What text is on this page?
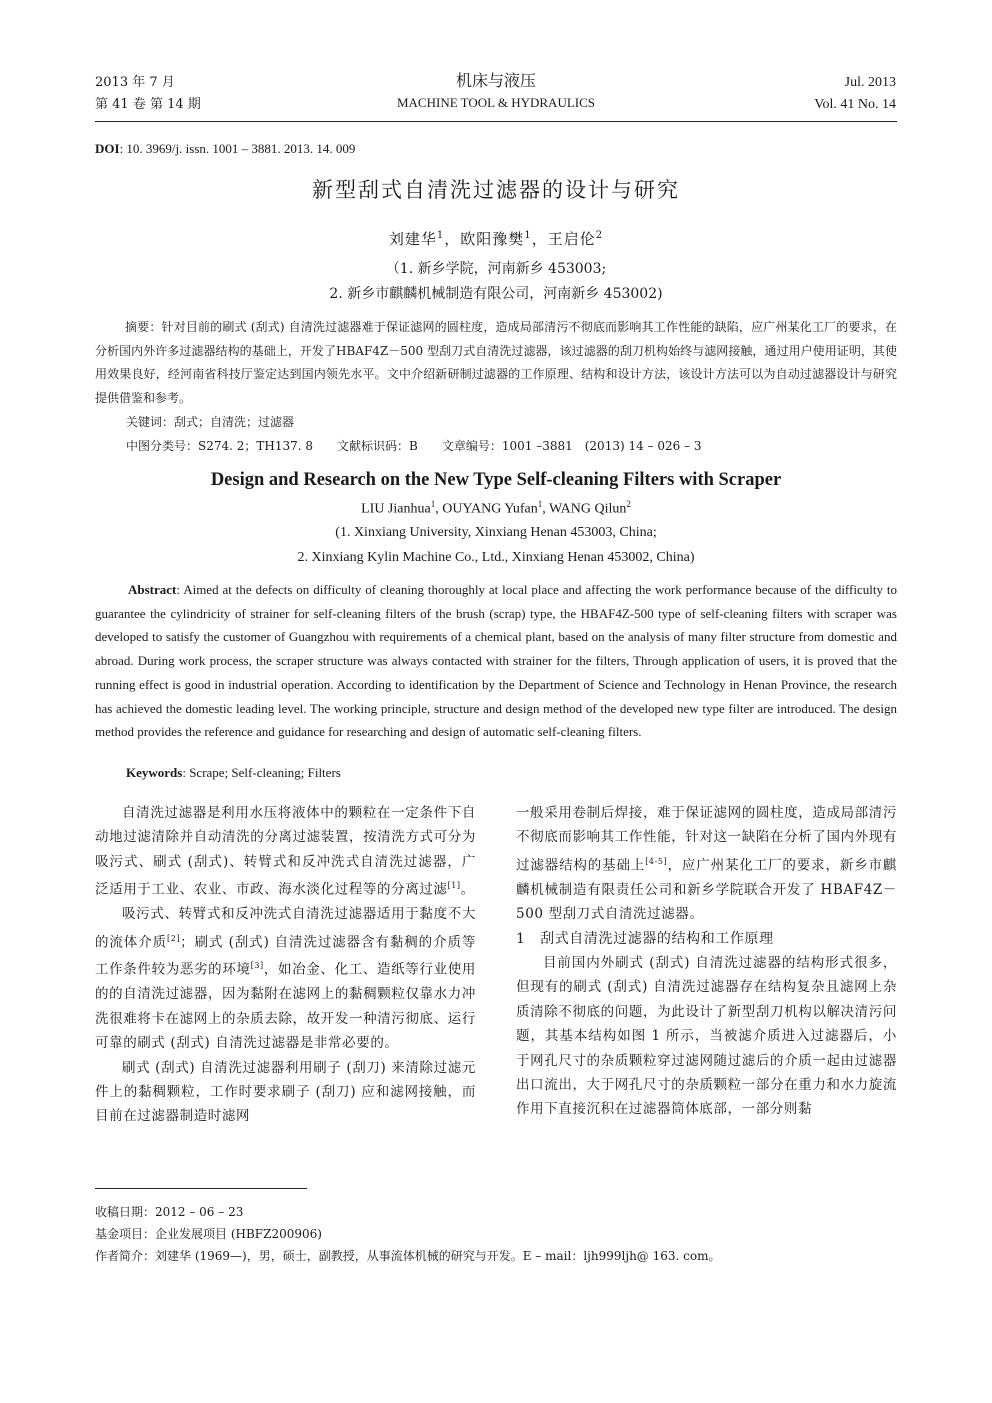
2013 年 7 月
第 41 卷 第 14 期
机床与液压
MACHINE TOOL & HYDRAULICS
Jul. 2013
Vol. 41 No. 14
DOI: 10. 3969/j. issn. 1001 – 3881. 2013. 14. 009
新型刮式自清洗过滤器的设计与研究
刘建华$^1$，欧阳豫樊$^1$，王启伦$^2$
（1. 新乡学院，河南新乡 453003;
2. 新乡市麒麟机械制造有限公司，河南新乡 453002)
摘要：针对目前的刷式 (刮式) 自清洗过滤器难于保证滤网的圆柱度，造成局部清污不彻底而影响其工作性能的缺陷，应广州某化工厂的要求，在分析国内外许多过滤器结构的基础上，开发了HBAF4Z－500 型刮刀式自清洗过滤器，该过滤器的刮刀机构始终与滤网接触，通过用户使用证明，其使用效果良好，经河南省科技厅鉴定达到国内领先水平。文中介绍新研制过滤器的工作原理、结构和设计方法，该设计方法可以为自动过滤器设计与研究提供借鉴和参考。
关键词：刮式；自清洗；过滤器
中图分类号：S274. 2；TH137. 8　　文献标识码：B　　文章编号：1001 –3881　(2013) 14 – 026 – 3
Design and Research on the New Type Self-cleaning Filters with Scraper
LIU Jianhua$^1$, OUYANG Yufan$^1$, WANG Qilun$^2$
(1. Xinxiang University, Xinxiang Henan 453003, China;
2. Xinxiang Kylin Machine Co., Ltd., Xinxiang Henan 453002, China)
Abstract: Aimed at the defects on difficulty of cleaning thoroughly at local place and affecting the work performance because of the difficulty to guarantee the cylindricity of strainer for self-cleaning filters of the brush (scrap) type, the HBAF4Z-500 type of self-cleaning filters with scraper was developed to satisfy the customer of Guangzhou with requirements of a chemical plant, based on the analysis of many filter structure from domestic and abroad. During work process, the scraper structure was always contacted with strainer for the filters, Through application of users, it is proved that the running effect is good in industrial operation. According to identification by the Department of Science and Technology in Henan Province, the research has achieved the domestic leading level. The working principle, structure and design method of the developed new type filter are introduced. The design method provides the reference and guidance for researching and design of automatic self-cleaning filters.
Keywords: Scrape; Self-cleaning; Filters

自清洗过滤器是利用水压将液体中的颗粒在一定条件下自动地过滤清除并自动清洗的分离过滤装置，按清洗方式可分为吸污式、刷式 (刮式)、转臂式和反冲洗式自清洗过滤器，广泛适用于工业、农业、市政、海水淡化过程等的分离过滤[1]。

吸污式、转臂式和反冲洗式自清洗过滤器适用于黏度不大的流体介质[2]；刷式 (刮式) 自清洗过滤器含有黏稠的介质等工作条件较为恶劣的环境[3]，如冶金、化工、造纸等行业使用的的自清洗过滤器，因为黏附在滤网上的黏稠颗粒仅靠水力冲洗很难将卡在滤网上的杂质去除，故开发一种清污彻底、运行可靠的刷式 (刮式) 自清洗过滤器是非常必要的。

刷式 (刮式) 自清洗过滤器利用刷子 (刮刀) 来清除过滤元件上的黏稠颗粒，工作时要求刷子 (刮刀) 应和滤网接触，而目前在过滤器制造时滤网

一般采用卷制后焊接，难于保证滤网的圆柱度，造成局部清污不彻底而影响其工作性能，针对这一缺陷在分析了国内外现有过滤器结构的基础上[4-5]，应广州某化工厂的要求，新乡市麒麟机械制造有限责任公司和新乡学院联合开发了 HBAF4Z－500 型刮刀式自清洗过滤器。

1　刮式自清洗过滤器的结构和工作原理

目前国内外刷式 (刮式) 自清洗过滤器的结构形式很多，但现有的刷式 (刮式) 自清洗过滤器存在结构复杂且滤网上杂质清除不彻底的问题，为此设计了新型刮刀机构以解决清污问题，其基本结构如图 1 所示，当被滤介质进入过滤器后，小于网孔尺寸的杂质颗粒穿过滤网随过滤后的介质一起由过滤器出口流出，大于网孔尺寸的杂质颗粒一部分在重力和水力旋流作用下直接沉积在过滤器筒体底部，一部分则黏

收稿日期：2012 – 06 – 23
基金项目：企业发展项目 (HBFZ200906)
作者简介：刘建华 (1969—)，男，硕士，副教授，从事流体机械的研究与开发。E – mail：ljh999ljh@ 163. com。
